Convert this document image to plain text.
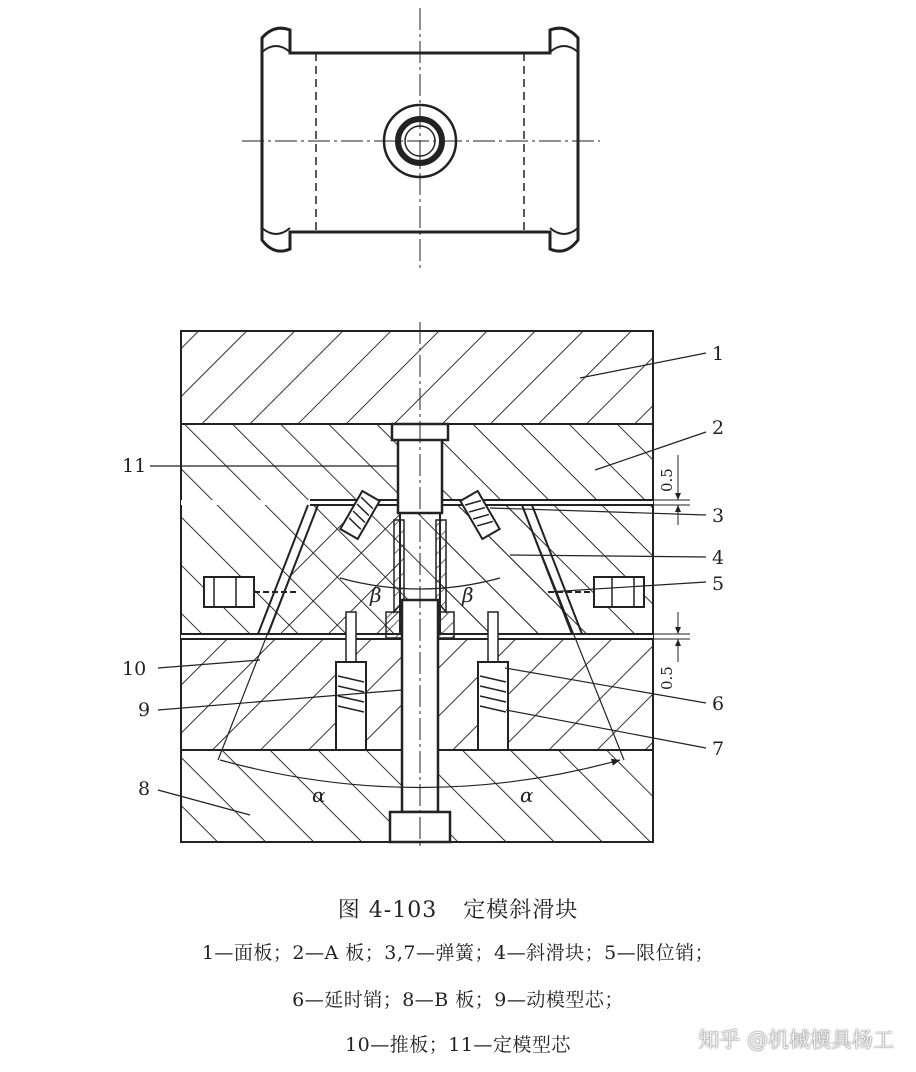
β	β
α	α
0.5
0.5
1
2
3
4
5
6
7
8
9
10
11
图 4-103 定模斜滑块
1—面板；2—A 板；3,7—弹簧；4—斜滑块；5—限位销；
6—延时销；8—B 板；9—动模型芯；
10—推板；11—定模型芯	知乎 @机械模具杨工
